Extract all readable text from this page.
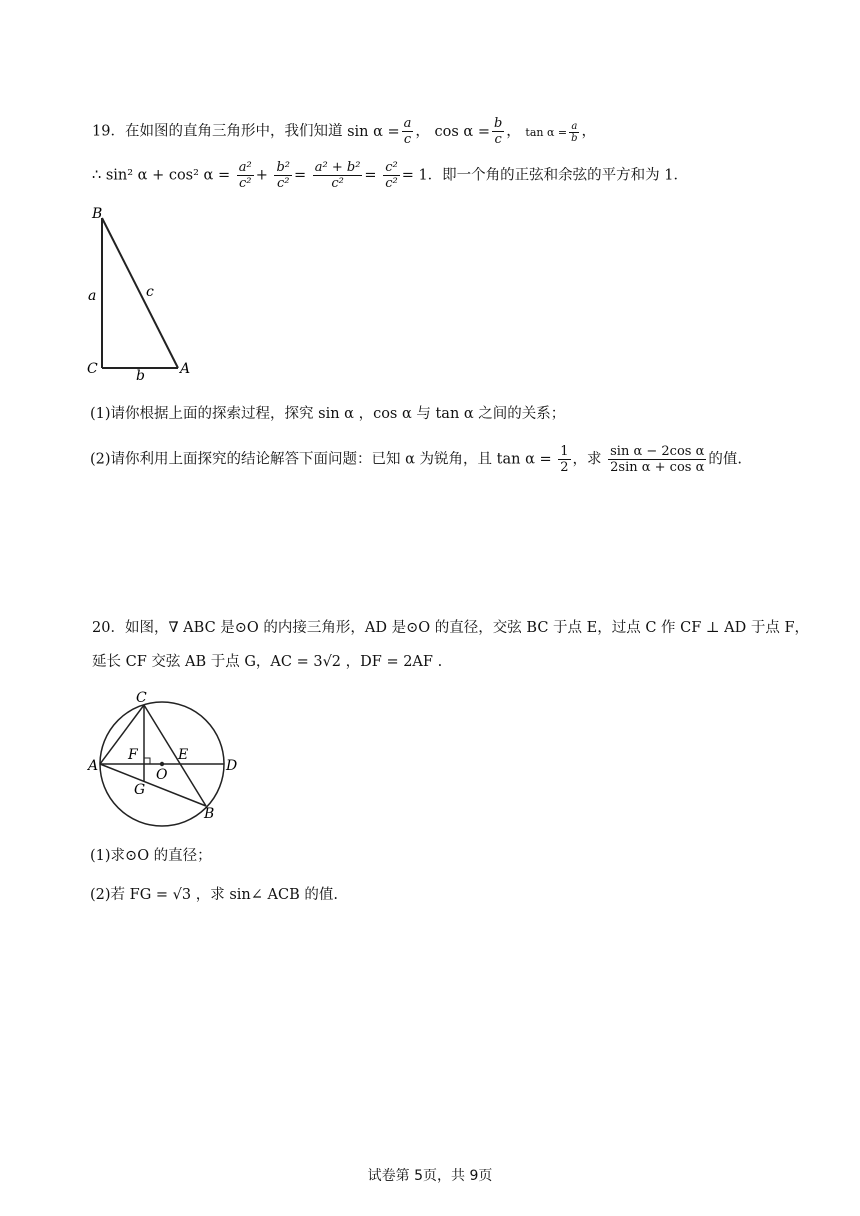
19．在如图的直角三角形中，我们知道 $\sin \alpha = \frac{a}{c}$ ， $\cos \alpha = \frac{b}{c}$ ， $\tan \alpha = \frac{a}{b}$ ，
∴ sin² α + cos² $\alpha = \frac{\text{a²}}{\text{c²}} + \frac{\text{b²}}{\text{c²}} = \frac{\text{a² + b²}}{\text{c²}} = \frac{\text{c²}}{\text{c²}} = 1$．即一个角的正弦和余弦的平方和为 1．
B
C	A
a
b
c
(1)请你根据上面的探索过程，探究 sin α ，cos α 与 tan α 之间的关系；
(2)请你利用上面探究的结论解答下面问题：已知 α 为锐角，且 $\tan \alpha = \frac{1}{2}$ ，求 $\frac{\text{sin α − 2cos α}}{\text{2sin α + cos α}}$ 的值.
20．如图，∇ ABC 是⊙O 的内接三角形，AD 是⊙O 的直径，交弦 BC 于点 E，过点 C 作 CF ⊥ AD 于点 F，
延长 CF 交弦 AB 于点 G，AC = 3√2 ，DF = 2AF .
C
F	E
A
O
D
G
B
(1)求⊙O 的直径；
(2)若 FG = √3 ，求 sin∠ ACB 的值.
试卷第 5页，共 9页
